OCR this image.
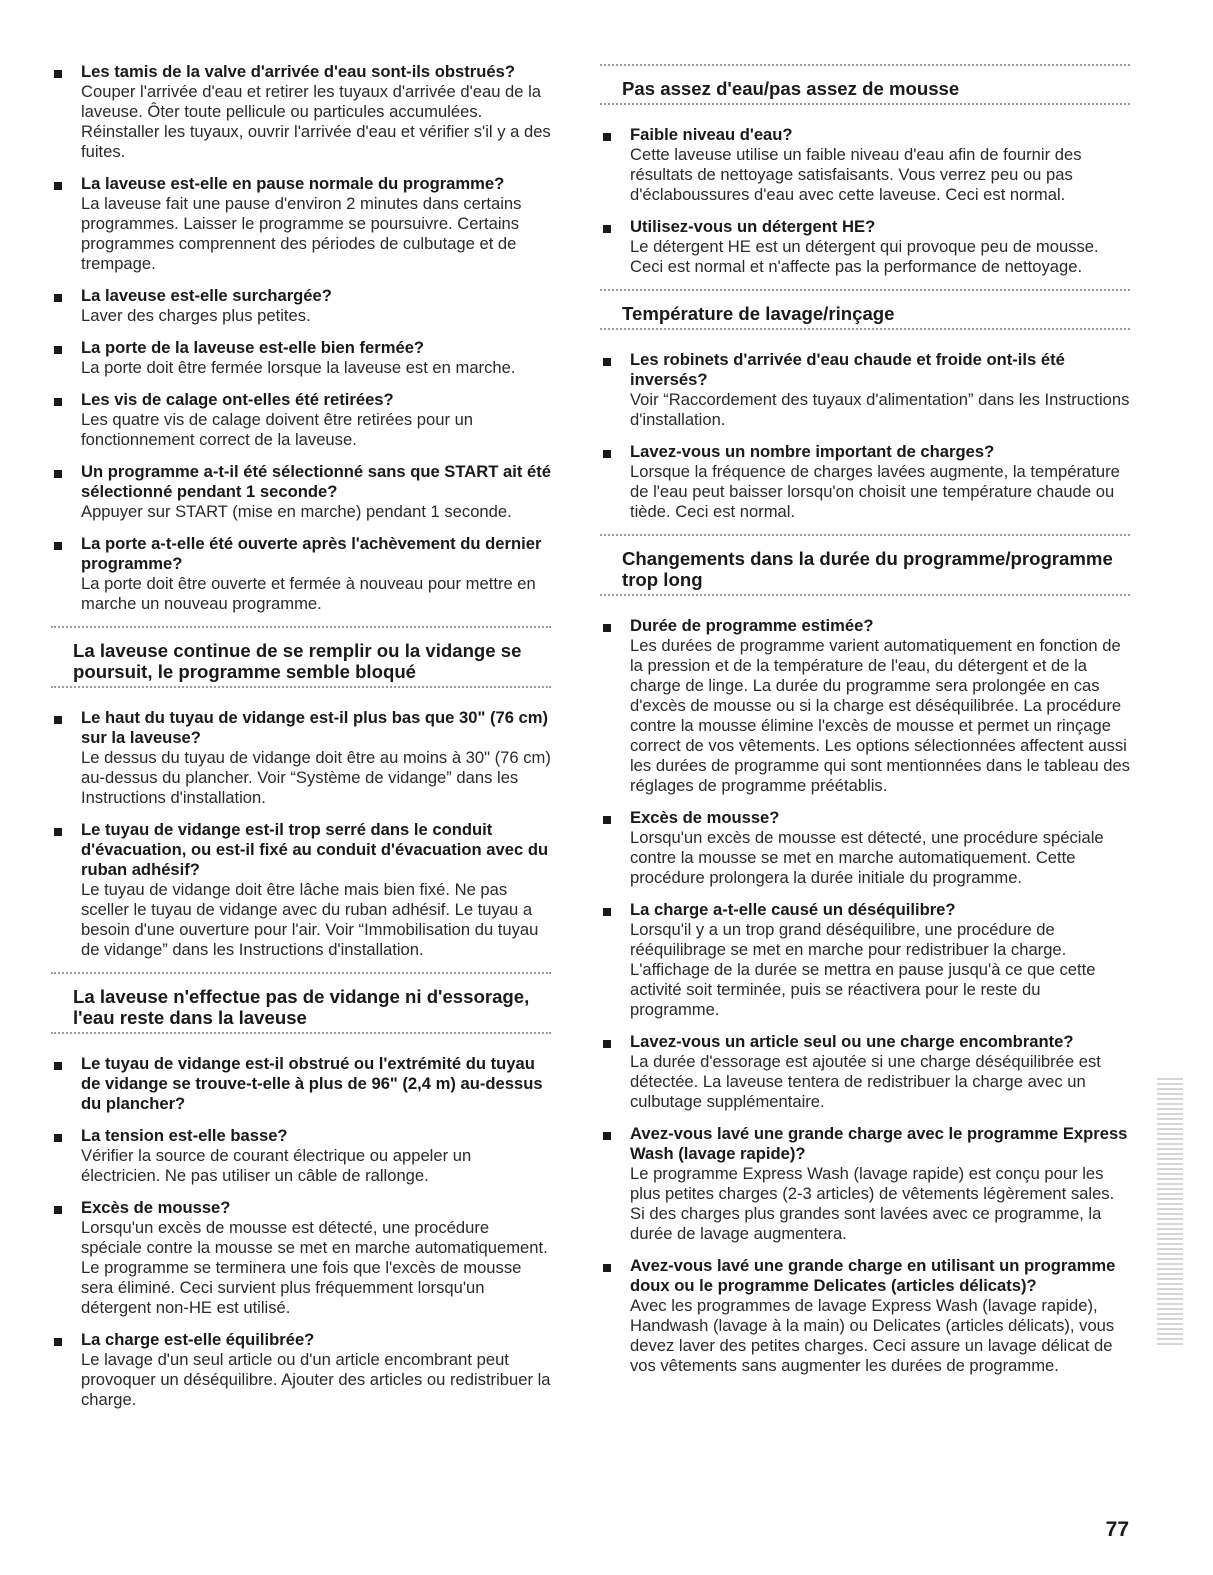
Les tamis de la valve d'arrivée d'eau sont-ils obstrués?
Couper l'arrivée d'eau et retirer les tuyaux d'arrivée d'eau de la laveuse. Ôter toute pellicule ou particules accumulées. Réinstaller les tuyaux, ouvrir l'arrivée d'eau et vérifier s'il y a des fuites.
La laveuse est-elle en pause normale du programme?
La laveuse fait une pause d'environ 2 minutes dans certains programmes. Laisser le programme se poursuivre. Certains programmes comprennent des périodes de culbutage et de trempage.
La laveuse est-elle surchargée?
Laver des charges plus petites.
La porte de la laveuse est-elle bien fermée?
La porte doit être fermée lorsque la laveuse est en marche.
Les vis de calage ont-elles été retirées?
Les quatre vis de calage doivent être retirées pour un fonctionnement correct de la laveuse.
Un programme a-t-il été sélectionné sans que START ait été sélectionné pendant 1 seconde?
Appuyer sur START (mise en marche) pendant 1 seconde.
La porte a-t-elle été ouverte après l'achèvement du dernier programme?
La porte doit être ouverte et fermée à nouveau pour mettre en marche un nouveau programme.
La laveuse continue de se remplir ou la vidange se poursuit, le programme semble bloqué
Le haut du tuyau de vidange est-il plus bas que 30" (76 cm) sur la laveuse?
Le dessus du tuyau de vidange doit être au moins à 30" (76 cm) au-dessus du plancher. Voir “Système de vidange” dans les Instructions d'installation.
Le tuyau de vidange est-il trop serré dans le conduit d'évacuation, ou est-il fixé au conduit d'évacuation avec du ruban adhésif?
Le tuyau de vidange doit être lâche mais bien fixé. Ne pas sceller le tuyau de vidange avec du ruban adhésif. Le tuyau a besoin d'une ouverture pour l'air. Voir “Immobilisation du tuyau de vidange” dans les Instructions d'installation.
La laveuse n'effectue pas de vidange ni d'essorage, l'eau reste dans la laveuse
Le tuyau de vidange est-il obstrué ou l'extrémité du tuyau de vidange se trouve-t-elle à plus de 96" (2,4 m) au-dessus du plancher?
La tension est-elle basse?
Vérifier la source de courant électrique ou appeler un électricien. Ne pas utiliser un câble de rallonge.
Excès de mousse?
Lorsqu'un excès de mousse est détecté, une procédure spéciale contre la mousse se met en marche automatiquement. Le programme se terminera une fois que l'excès de mousse sera éliminé. Ceci survient plus fréquemment lorsqu'un détergent non-HE est utilisé.
La charge est-elle équilibrée?
Le lavage d'un seul article ou d'un article encombrant peut provoquer un déséquilibre. Ajouter des articles ou redistribuer la charge.
Pas assez d'eau/pas assez de mousse
Faible niveau d'eau?
Cette laveuse utilise un faible niveau d'eau afin de fournir des résultats de nettoyage satisfaisants. Vous verrez peu ou pas d'éclaboussures d'eau avec cette laveuse. Ceci est normal.
Utilisez-vous un détergent HE?
Le détergent HE est un détergent qui provoque peu de mousse. Ceci est normal et n'affecte pas la performance de nettoyage.
Température de lavage/rinçage
Les robinets d'arrivée d'eau chaude et froide ont-ils été inversés?
Voir “Raccordement des tuyaux d'alimentation” dans les Instructions d'installation.
Lavez-vous un nombre important de charges?
Lorsque la fréquence de charges lavées augmente, la température de l'eau peut baisser lorsqu'on choisit une température chaude ou tiède. Ceci est normal.
Changements dans la durée du programme/programme trop long
Durée de programme estimée?
Les durées de programme varient automatiquement en fonction de la pression et de la température de l'eau, du détergent et de la charge de linge. La durée du programme sera prolongée en cas d'excès de mousse ou si la charge est déséquilibrée. La procédure contre la mousse élimine l'excès de mousse et permet un rinçage correct de vos vêtements. Les options sélectionnées affectent aussi les durées de programme qui sont mentionnées dans le tableau des réglages de programme préétablis.
Excès de mousse?
Lorsqu'un excès de mousse est détecté, une procédure spéciale contre la mousse se met en marche automatiquement. Cette procédure prolongera la durée initiale du programme.
La charge a-t-elle causé un déséquilibre?
Lorsqu'il y a un trop grand déséquilibre, une procédure de rééquilibrage se met en marche pour redistribuer la charge. L'affichage de la durée se mettra en pause jusqu'à ce que cette activité soit terminée, puis se réactivera pour le reste du programme.
Lavez-vous un article seul ou une charge encombrante?
La durée d'essorage est ajoutée si une charge déséquilibrée est détectée. La laveuse tentera de redistribuer la charge avec un culbutage supplémentaire.
Avez-vous lavé une grande charge avec le programme Express Wash (lavage rapide)?
Le programme Express Wash (lavage rapide) est conçu pour les plus petites charges (2-3 articles) de vêtements légèrement sales. Si des charges plus grandes sont lavées avec ce programme, la durée de lavage augmentera.
Avez-vous lavé une grande charge en utilisant un programme doux ou le programme Delicates (articles délicats)?
Avec les programmes de lavage Express Wash (lavage rapide), Handwash (lavage à la main) ou Delicates (articles délicats), vous devez laver des petites charges. Ceci assure un lavage délicat de vos vêtements sans augmenter les durées de programme.
77
